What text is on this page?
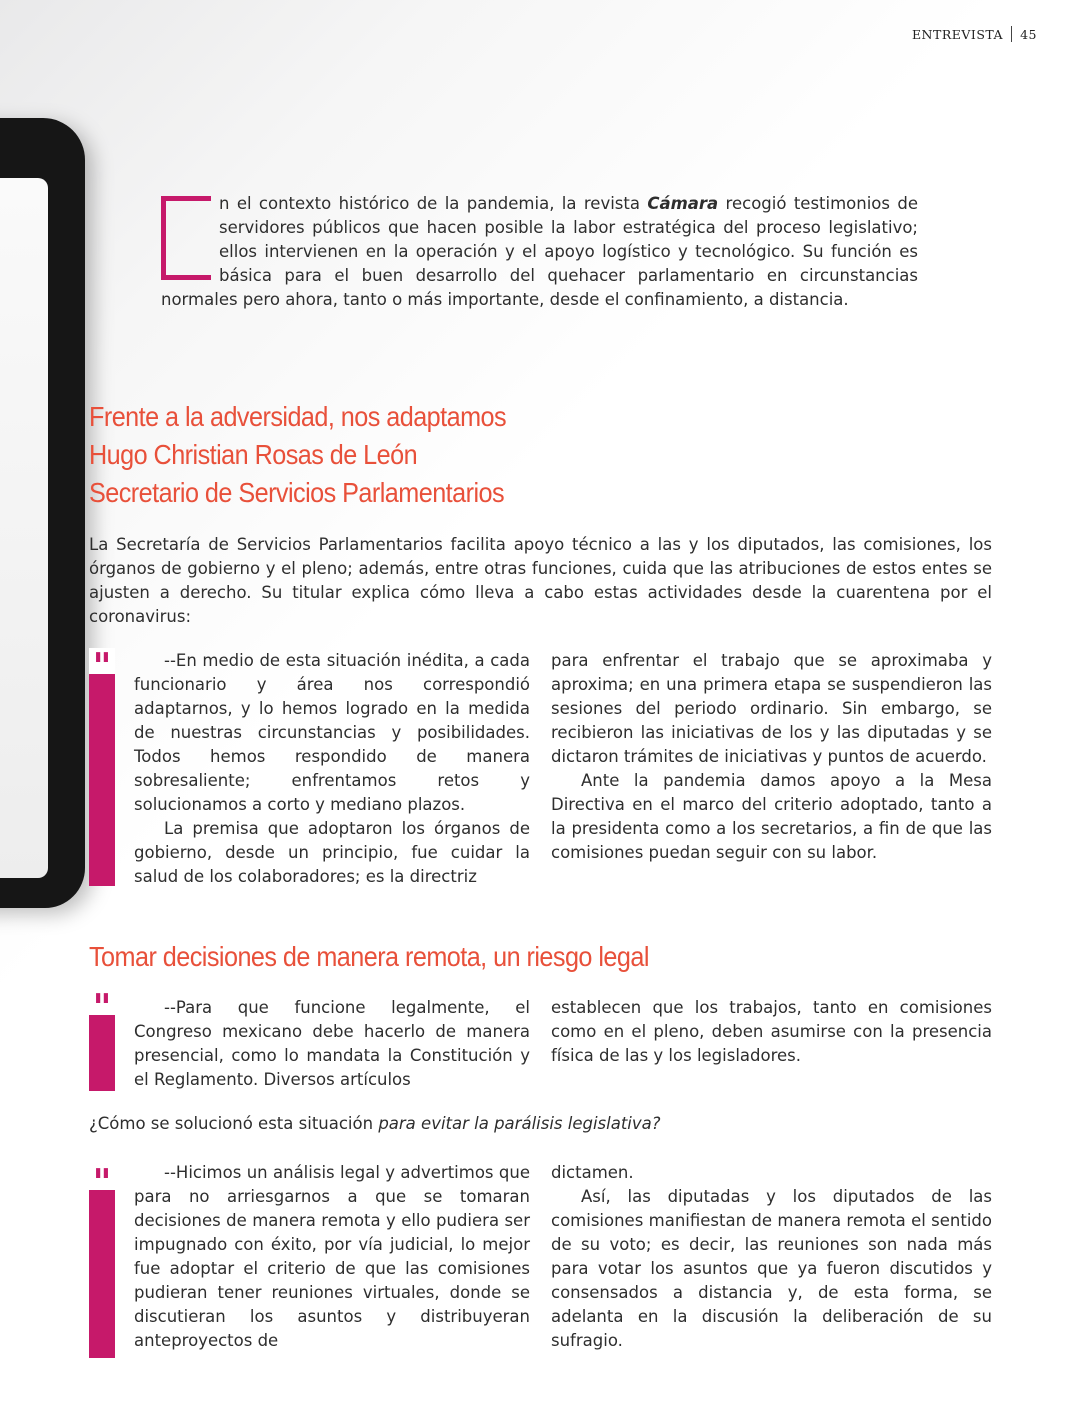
ENTREVISTA 45
n el contexto histórico de la pandemia, la revista Cámara recogió testimonios de servidores públicos que hacen posible la labor estratégica del proceso legislativo; ellos intervienen en la operación y el apoyo logístico y tecnológico. Su función es básica para el buen desarrollo del quehacer parlamentario en circunstancias normales pero ahora, tanto o más importante, desde el confinamiento, a distancia.
Frente a la adversidad, nos adaptamos
Hugo Christian Rosas de León
Secretario de Servicios Parlamentarios

La Secretaría de Servicios Parlamentarios facilita apoyo técnico a las y los diputados, las comisiones, los órganos de gobierno y el pleno; además, entre otras funciones, cuida que las atribuciones de estos entes se ajusten a derecho. Su titular explica cómo lleva a cabo estas actividades desde la cuarentena por el coronavirus:

"	--En medio de esta situación inédita, a cada funcionario y área nos correspondió adaptarnos, y lo hemos logrado en la medida de nuestras circunstancias y posibilidades. Todos hemos respondido de manera sobresaliente; enfrentamos retos y solucionamos a corto y mediano plazos.

La premisa que adoptaron los órganos de gobierno, desde un principio, fue cuidar la salud de los colaboradores; es la directriz

para enfrentar el trabajo que se aproximaba y aproxima; en una primera etapa se suspendieron las sesiones del periodo ordinario. Sin embargo, se recibieron las iniciativas de los y las diputadas y se dictaron trámites de iniciativas y puntos de acuerdo.

Ante la pandemia damos apoyo a la Mesa Directiva en el marco del criterio adoptado, tanto a la presidenta como a los secretarios, a fin de que las comisiones puedan seguir con su labor.

Tomar decisiones de manera remota, un riesgo legal
"	--Para que funcione legalmente, el Congreso mexicano debe hacerlo de manera presencial, como lo mandata la Constitución y el Reglamento. Diversos artículos

establecen que los trabajos, tanto en comisiones como en el pleno, deben asumirse con la presencia física de las y los legisladores.

¿Cómo se solucionó esta situación para evitar la parálisis legislativa?

"	--Hicimos un análisis legal y advertimos que para no arriesgarnos a que se tomaran decisiones de manera remota y ello pudiera ser impugnado con éxito, por vía judicial, lo mejor fue adoptar el criterio de que las comisiones pudieran tener reuniones virtuales, donde se discutieran los asuntos y distribuyeran anteproyectos de

dictamen.

Así, las diputadas y los diputados de las comisiones manifiestan de manera remota el sentido de su voto; es decir, las reuniones son nada más para votar los asuntos que ya fueron discutidos y consensados a distancia y, de esta forma, se adelanta en la discusión la deliberación de su sufragio.
